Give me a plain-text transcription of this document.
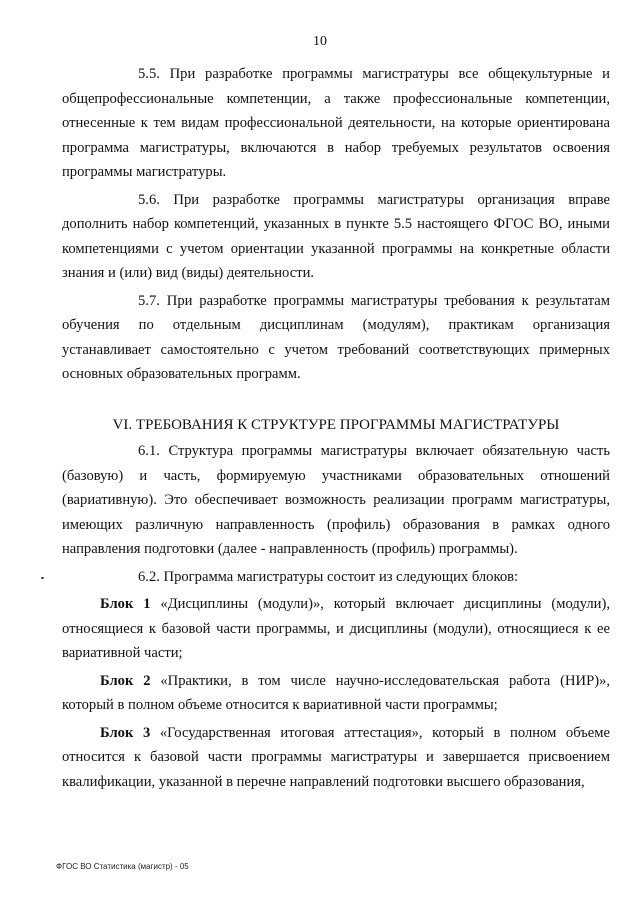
10

5.5. При разработке программы магистратуры все общекультурные и общепрофессиональные компетенции, а также профессиональные компетенции, отнесенные к тем видам профессиональной деятельности, на которые ориентирована программа магистратуры, включаются в набор требуемых результатов освоения программы магистратуры.

5.6. При разработке программы магистратуры организация вправе дополнить набор компетенций, указанных в пункте 5.5 настоящего ФГОС ВО, иными компетенциями с учетом ориентации указанной программы на конкретные области знания и (или) вид (виды) деятельности.

5.7. При разработке программы магистратуры требования к результатам обучения по отдельным дисциплинам (модулям), практикам организация устанавливает самостоятельно с учетом требований соответствующих примерных основных образовательных программ.

VI. ТРЕБОВАНИЯ К СТРУКТУРЕ ПРОГРАММЫ МАГИСТРАТУРЫ

6.1. Структура программы магистратуры включает обязательную часть (базовую) и часть, формируемую участниками образовательных отношений (вариативную). Это обеспечивает возможность реализации программ магистратуры, имеющих различную направленность (профиль) образования в рамках одного направления подготовки (далее - направленность (профиль) программы).

6.2. Программа магистратуры состоит из следующих блоков:

Блок 1 «Дисциплины (модули)», который включает дисциплины (модули), относящиеся к базовой части программы, и дисциплины (модули), относящиеся к ее вариативной части;

Блок 2 «Практики, в том числе научно-исследовательская работа (НИР)», который в полном объеме относится к вариативной части программы;

Блок 3 «Государственная итоговая аттестация», который в полном объеме относится к базовой части программы магистратуры и завершается присвоением квалификации, указанной в перечне направлений подготовки высшего образования,

ФГОС ВО Статистика (магистр) - 05
